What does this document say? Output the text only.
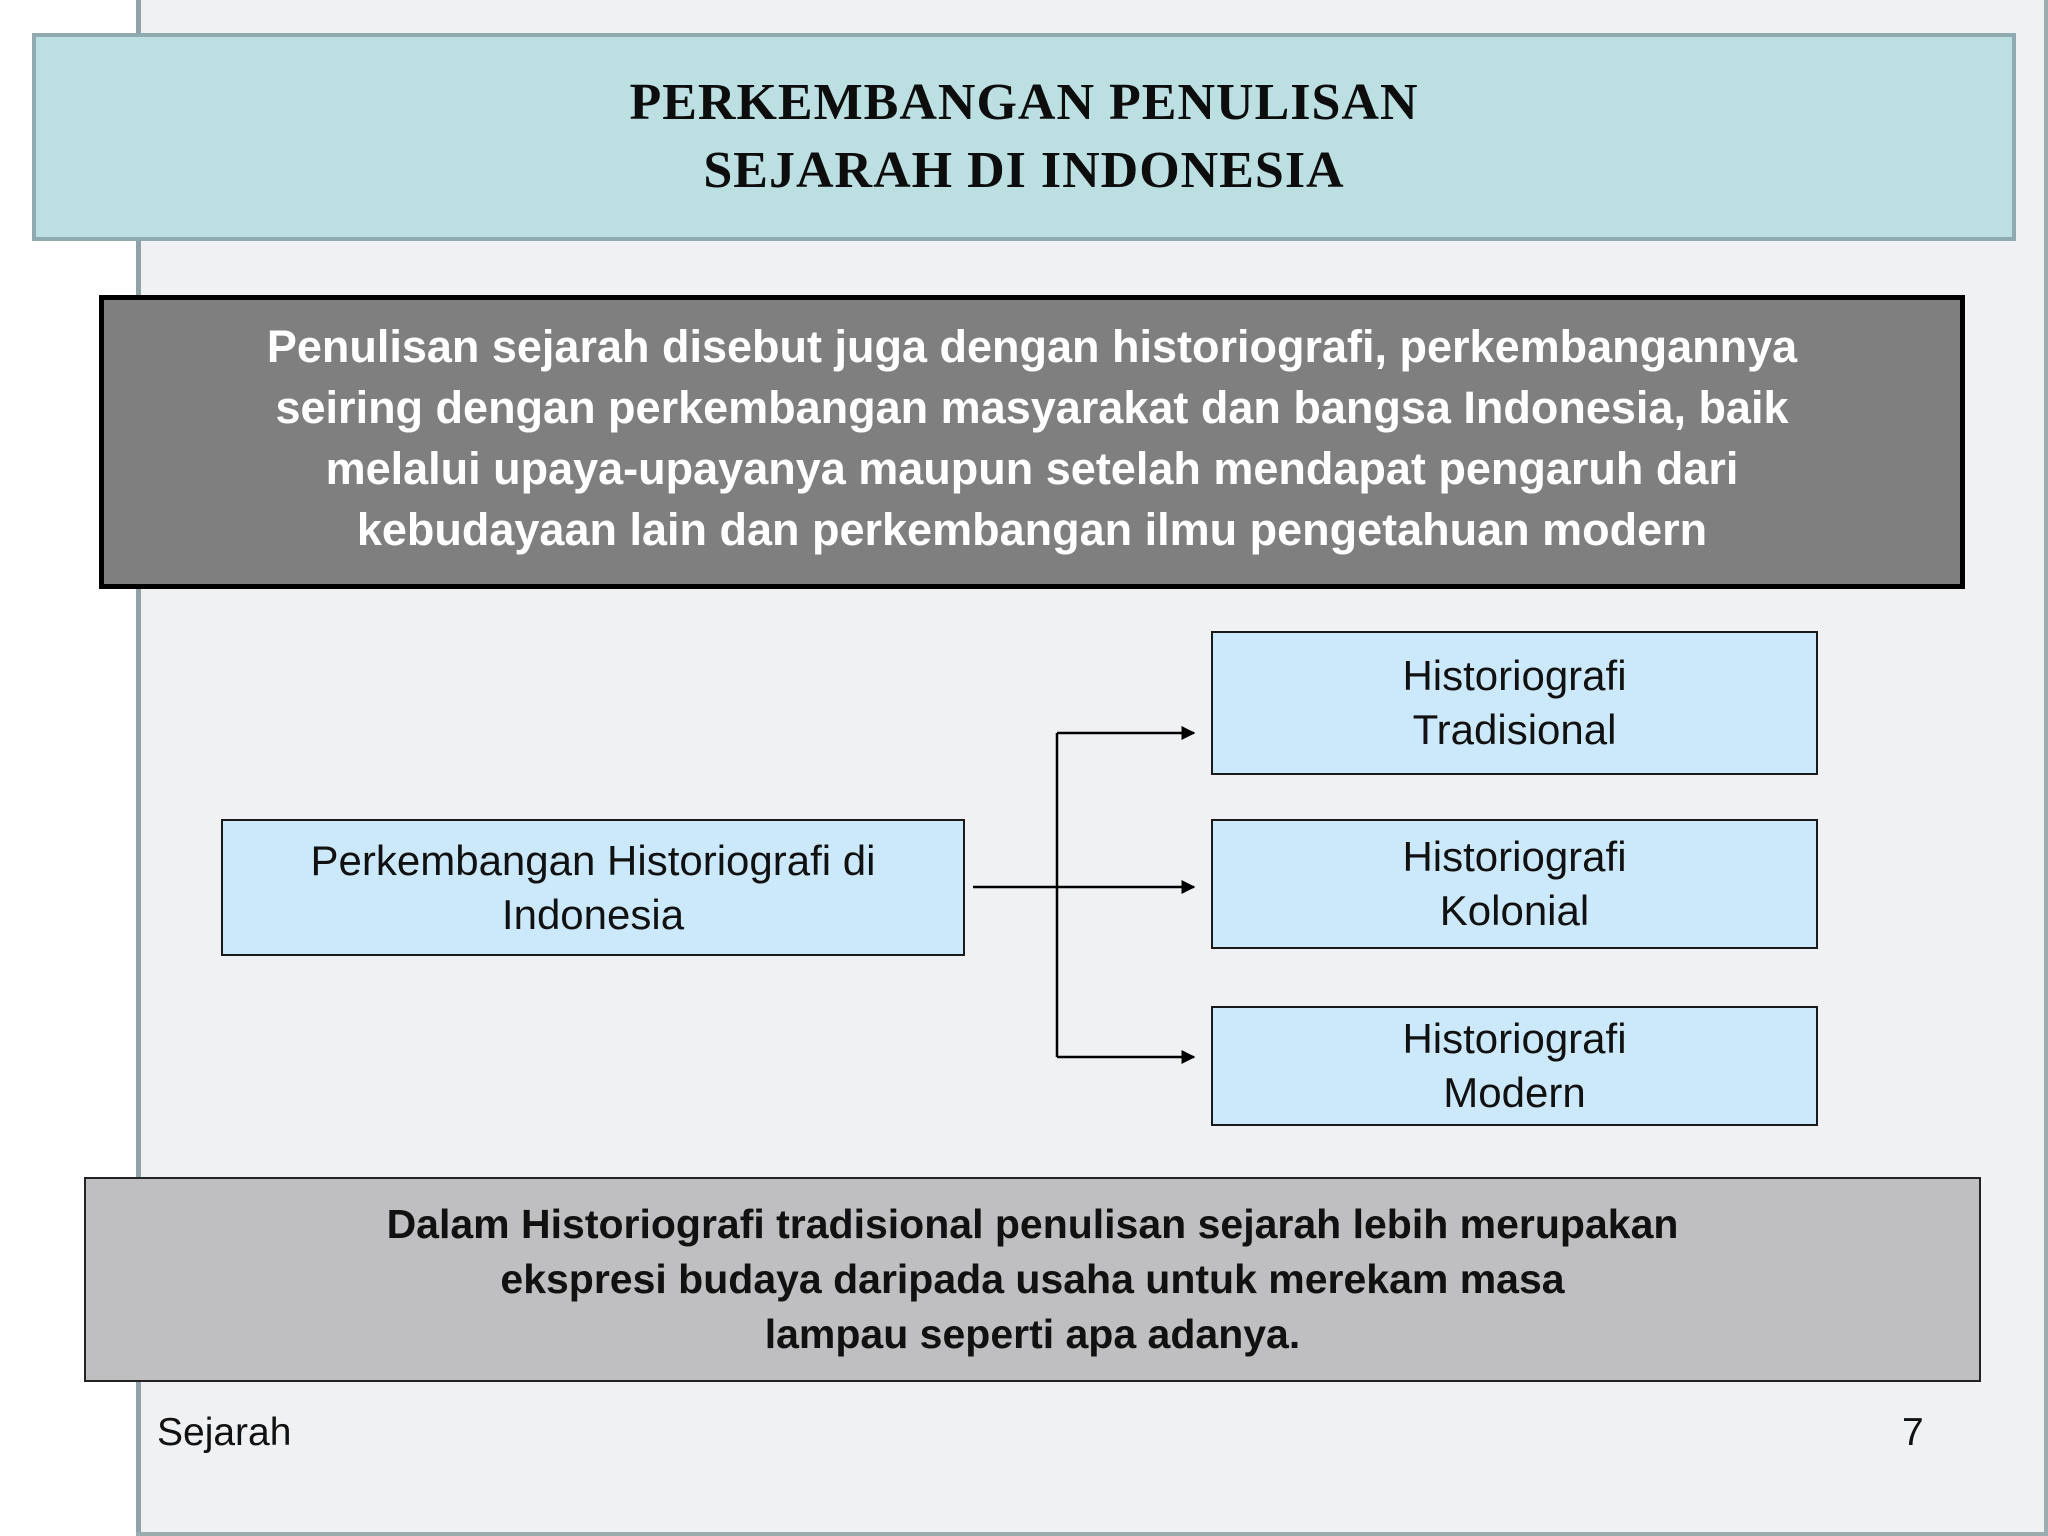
PERKEMBANGAN PENULISAN
SEJARAH DI INDONESIA
Penulisan sejarah disebut juga dengan historiografi, perkembangannya
seiring dengan perkembangan masyarakat dan bangsa Indonesia, baik
melalui upaya-upayanya maupun setelah mendapat pengaruh dari
kebudayaan lain dan perkembangan ilmu pengetahuan modern
Perkembangan Historiografi di
Indonesia
Historiografi
Tradisional
Historiografi
Kolonial
Historiografi
Modern
Dalam Historiografi tradisional penulisan sejarah lebih merupakan
ekspresi budaya daripada usaha untuk merekam masa
lampau seperti apa adanya.
Sejarah	7
